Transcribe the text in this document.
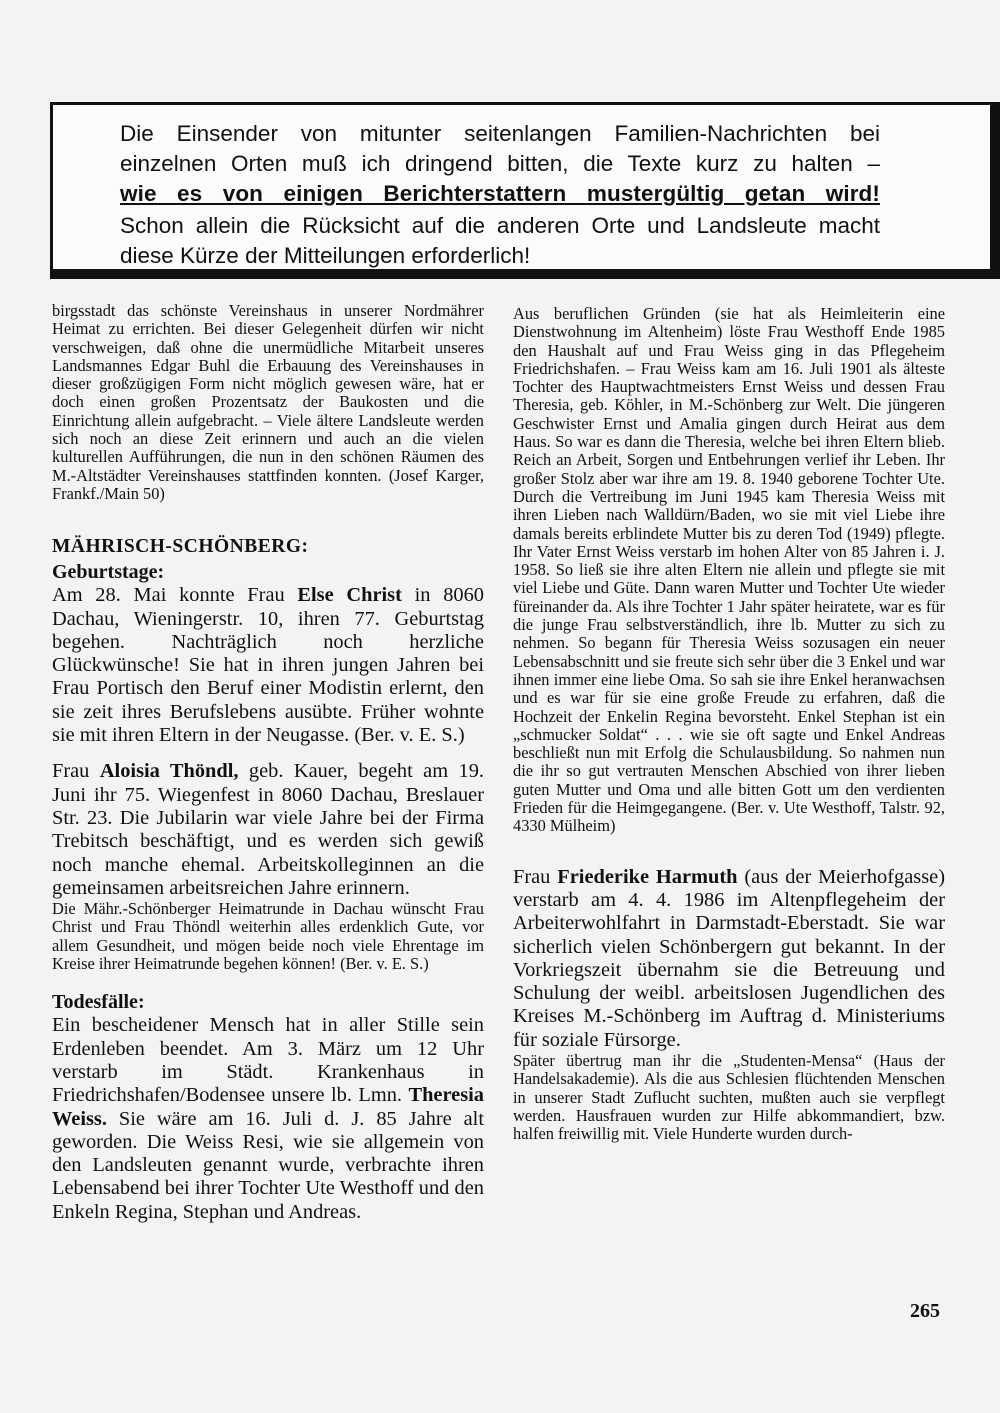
Die Einsender von mitunter seitenlangen Familien-Nachrichten bei einzelnen Orten muß ich dringend bitten, die Texte kurz zu halten –
wie es von einigen Berichterstattern mustergültig getan wird!

Schon allein die Rücksicht auf die anderen Orte und Landsleute macht diese Kürze der Mitteilungen erforderlich!

birgsstadt das schönste Vereinshaus in unserer Nordmährer Heimat zu errichten. Bei dieser Gelegenheit dürfen wir nicht verschweigen, daß ohne die unermüdliche Mitarbeit unseres Landsmannes Edgar Buhl die Erbauung des Vereinshauses in dieser großzügigen Form nicht möglich gewesen wäre, hat er doch einen großen Prozentsatz der Baukosten und die Einrichtung allein aufgebracht. – Viele ältere Landsleute werden sich noch an diese Zeit erinnern und auch an die vielen kulturellen Aufführungen, die nun in den schönen Räumen des M.-Altstädter Vereinshauses stattfinden konnten. (Josef Karger, Frankf./Main 50)

MÄHRISCH-SCHÖNBERG:
Geburtstage:

Am 28. Mai konnte Frau Else Christ in 8060 Dachau, Wieningerstr. 10, ihren 77. Geburtstag begehen. Nachträglich noch herzliche Glückwünsche! Sie hat in ihren jungen Jahren bei Frau Portisch den Beruf einer Modistin erlernt, den sie zeit ihres Berufslebens ausübte. Früher wohnte sie mit ihren Eltern in der Neugasse. (Ber. v. E. S.)

Frau Aloisia Thöndl, geb. Kauer, begeht am 19. Juni ihr 75. Wiegenfest in 8060 Dachau, Breslauer Str. 23. Die Jubilarin war viele Jahre bei der Firma Trebitsch beschäftigt, und es werden sich gewiß noch manche ehemal. Arbeitskolleginnen an die gemeinsamen arbeitsreichen Jahre erinnern.

Die Mähr.-Schönberger Heimatrunde in Dachau wünscht Frau Christ und Frau Thöndl weiterhin alles erdenklich Gute, vor allem Gesundheit, und mögen beide noch viele Ehrentage im Kreise ihrer Heimatrunde begehen können! (Ber. v. E. S.)

Todesfälle:

Ein bescheidener Mensch hat in aller Stille sein Erdenleben beendet. Am 3. März um 12 Uhr verstarb im Städt. Krankenhaus in Friedrichshafen/Bodensee unsere lb. Lmn. Theresia Weiss. Sie wäre am 16. Juli d. J. 85 Jahre alt geworden. Die Weiss Resi, wie sie allgemein von den Landsleuten genannt wurde, verbrachte ihren Lebensabend bei ihrer Tochter Ute Westhoff und den Enkeln Regina, Stephan und Andreas.

Aus beruflichen Gründen (sie hat als Heimleiterin eine Dienstwohnung im Altenheim) löste Frau Westhoff Ende 1985 den Haushalt auf und Frau Weiss ging in das Pflegeheim Friedrichshafen. – Frau Weiss kam am 16. Juli 1901 als älteste Tochter des Hauptwachtmeisters Ernst Weiss und dessen Frau Theresia, geb. Köhler, in M.-Schönberg zur Welt. Die jüngeren Geschwister Ernst und Amalia gingen durch Heirat aus dem Haus. So war es dann die Theresia, welche bei ihren Eltern blieb. Reich an Arbeit, Sorgen und Entbehrungen verlief ihr Leben. Ihr großer Stolz aber war ihre am 19. 8. 1940 geborene Tochter Ute. Durch die Vertreibung im Juni 1945 kam Theresia Weiss mit ihren Lieben nach Walldürn/Baden, wo sie mit viel Liebe ihre damals bereits erblindete Mutter bis zu deren Tod (1949) pflegte. Ihr Vater Ernst Weiss verstarb im hohen Alter von 85 Jahren i. J. 1958. So ließ sie ihre alten Eltern nie allein und pflegte sie mit viel Liebe und Güte. Dann waren Mutter und Tochter Ute wieder füreinander da. Als ihre Tochter 1 Jahr später heiratete, war es für die junge Frau selbstverständlich, ihre lb. Mutter zu sich zu nehmen. So begann für Theresia Weiss sozusagen ein neuer Lebensabschnitt und sie freute sich sehr über die 3 Enkel und war ihnen immer eine liebe Oma. So sah sie ihre Enkel heranwachsen und es war für sie eine große Freude zu erfahren, daß die Hochzeit der Enkelin Regina bevorsteht. Enkel Stephan ist ein „schmucker Soldat“ . . . wie sie oft sagte und Enkel Andreas beschließt nun mit Erfolg die Schulausbildung. So nahmen nun die ihr so gut vertrauten Menschen Abschied von ihrer lieben guten Mutter und Oma und alle bitten Gott um den verdienten Frieden für die Heimgegangene. (Ber. v. Ute Westhoff, Talstr. 92, 4330 Mülheim)

Frau Friederike Harmuth (aus der Meierhofgasse) verstarb am 4. 4. 1986 im Altenpflegeheim der Arbeiterwohlfahrt in Darmstadt-Eberstadt. Sie war sicherlich vielen Schönbergern gut bekannt. In der Vorkriegszeit übernahm sie die Betreuung und Schulung der weibl. arbeitslosen Jugendlichen des Kreises M.-Schönberg im Auftrag d. Ministeriums für soziale Fürsorge.

Später übertrug man ihr die „Studenten-Mensa“ (Haus der Handelsakademie). Als die aus Schlesien flüchtenden Menschen in unserer Stadt Zuflucht suchten, mußten auch sie verpflegt werden. Hausfrauen wurden zur Hilfe abkommandiert, bzw. halfen freiwillig mit. Viele Hunderte wurden durch-

265
